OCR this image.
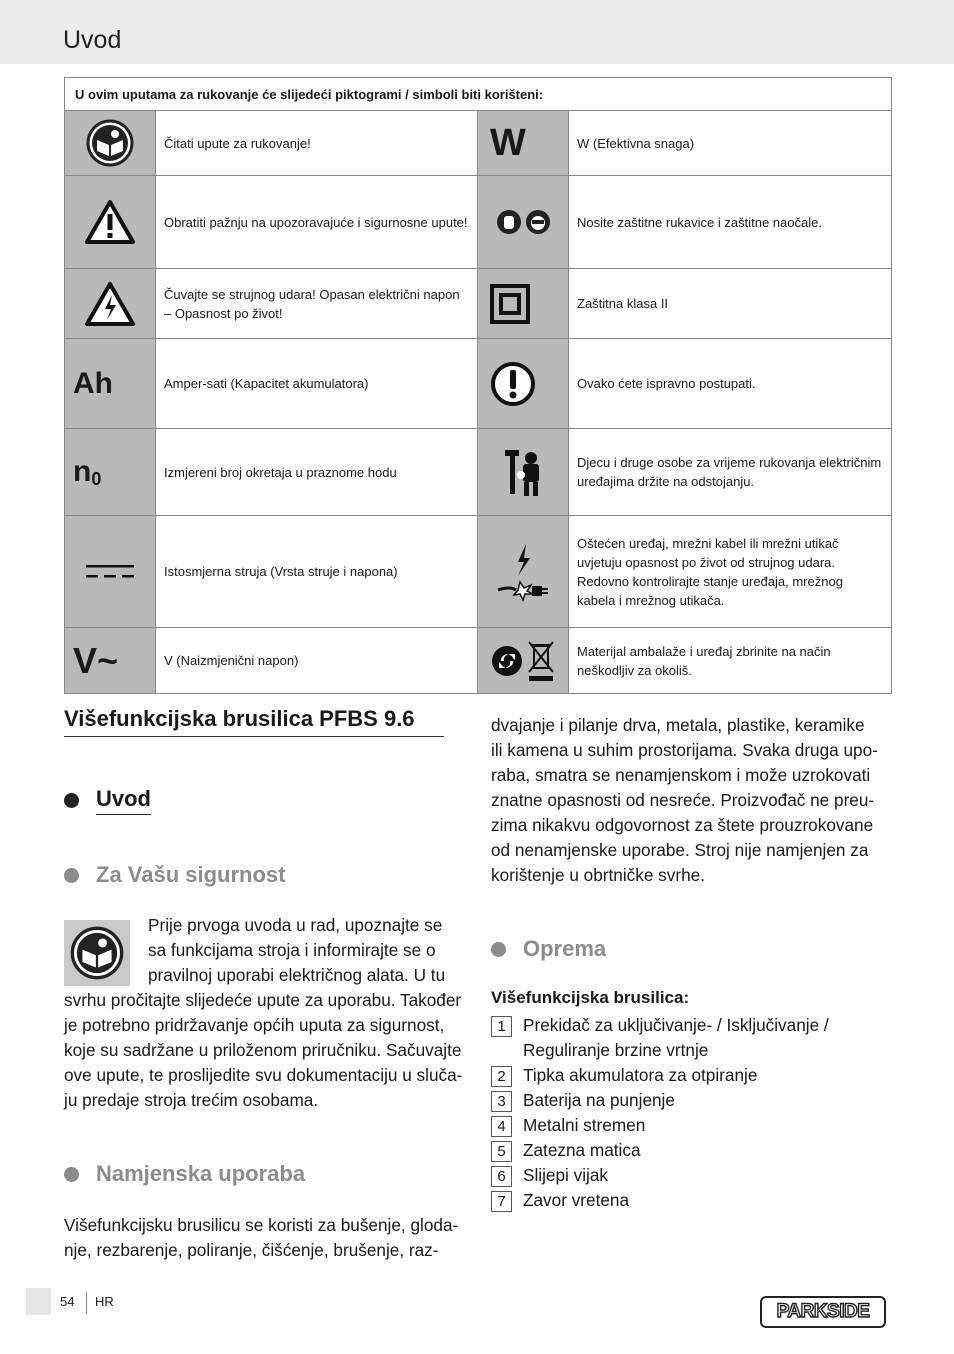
Uvod
U ovim uputama za rukovanje će slijedeći piktogrami / simboli biti korišteni:			

	Čitati upute za rukovanje!	W	W (Efektivna snaga)

	Obratiti pažnju na upozoravajuće i sigurnosne upute!		Nosite zaštitne rukavice i zaštitne naočale.

	Čuvajte se strujnog udara! Opasan električni napon – Opasnost po život!		Zaštitna klasa II

Ah	Amper-sati (Kapacitet akumulatora)		Ovako ćete ispravno postupati.

n 0	Izmjereni broj okretaja u praznome hodu		Djecu i druge osobe za vrijeme rukovanja električnim uređajima držite na odstojanju.

	Istosmjerna struja (Vrsta struje i napona)		Oštećen uređaj, mrežni kabel ili mrežni utikač uvjetuju opasnost po život od strujnog udara. Redovno kontrolirajte stanje uređaja, mrežnog kabela i mrežnog utikača.

V~	V (Naizmjenični napon)		Materijal ambalaže i uređaj zbrinite na način neškodljiv za okoliš.
Višefunkcijska brusilica PFBS 9.6
Uvod
Za Vašu sigurnost
Prije prvoga uvoda u rad, upoznajte se
sa funkcijama stroja i informirajte se o
pravilnoj uporabi električnog alata. U tu
svrhu pročitajte slijedeće upute za uporabu. Također
je potrebno pridržavanje općih uputa za sigurnost,
koje su sadržane u priloženom priručniku. Sačuvajte
ove upute, te proslijedite svu dokumentaciju u sluča-
ju predaje stroja trećim osobama.
Namjenska uporaba
Višefunkcijsku brusilicu se koristi za bušenje, gloda-
nje, rezbarenje, poliranje, čišćenje, brušenje, raz-
dvajanje i pilanje drva, metala, plastike, keramike
ili kamena u suhim prostorijama. Svaka druga upo-
raba, smatra se nenamjenskom i može uzrokovati
znatne opasnosti od nesreće. Proizvođač ne preu-
zima nikakvu odgovornost za štete prouzrokovane
od nenamjenske uporabe. Stroj nije namjenjen za
korištenje u obrtničke svrhe.
Oprema
Višefunkcijska brusilica:
1 Prekidač za uključivanje- / Isključivanje /
Reguliranje brzine vrtnje
2 Tipka akumulatora za otpiranje
3 Baterija na punjenje
4 Metalni stremen
5 Zatezna matica
6 Slijepi vijak
7 Zavor vretena
54 HR	PARKSIDE
